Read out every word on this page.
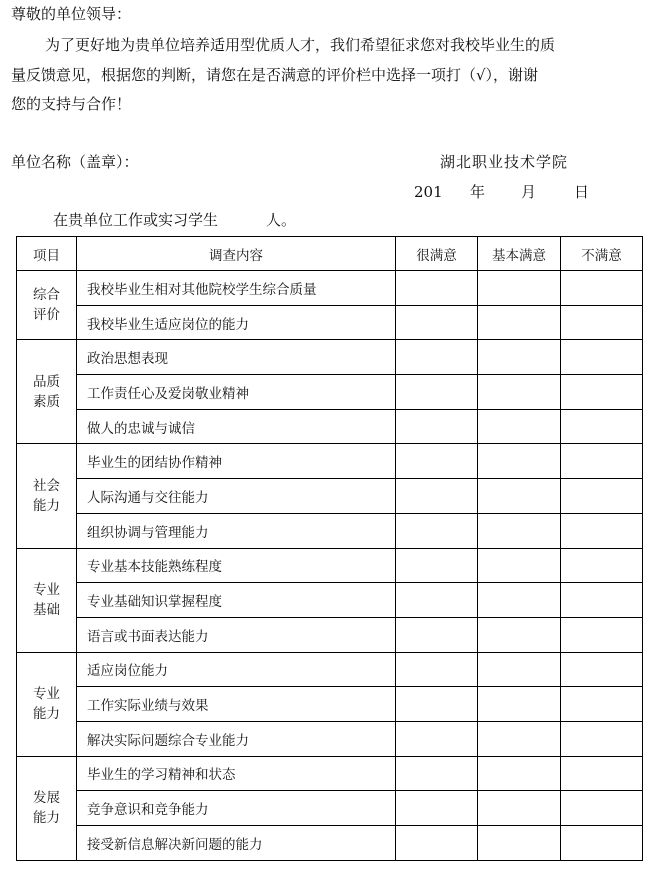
尊敬的单位领导：
为了更好地为贵单位培养适用型优质人才，我们希望征求您对我校毕业生的质
量反馈意见，根据您的判断，请您在是否满意的评价栏中选择一项打（√），谢谢
您的支持与合作！
单位名称（盖章）：	湖北职业技术学院
201 年 月	日
在贵单位工作或实习学生	人。
项目	调查内容	很满意	基本满意	不满意
综合
评价	我校毕业生相对其他院校学生综合质量			
	我校毕业生适应岗位的能力			
品质
素质	政治思想表现			
	工作责任心及爱岗敬业精神			
	做人的忠诚与诚信			
社会
能力	毕业生的团结协作精神			
	人际沟通与交往能力			
	组织协调与管理能力			
专业
基础	专业基本技能熟练程度			
	专业基础知识掌握程度			
	语言或书面表达能力			
专业
能力	适应岗位能力			
	工作实际业绩与效果			
	解决实际问题综合专业能力			
发展
能力	毕业生的学习精神和状态			
	竞争意识和竞争能力			
	接受新信息解决新问题的能力			
